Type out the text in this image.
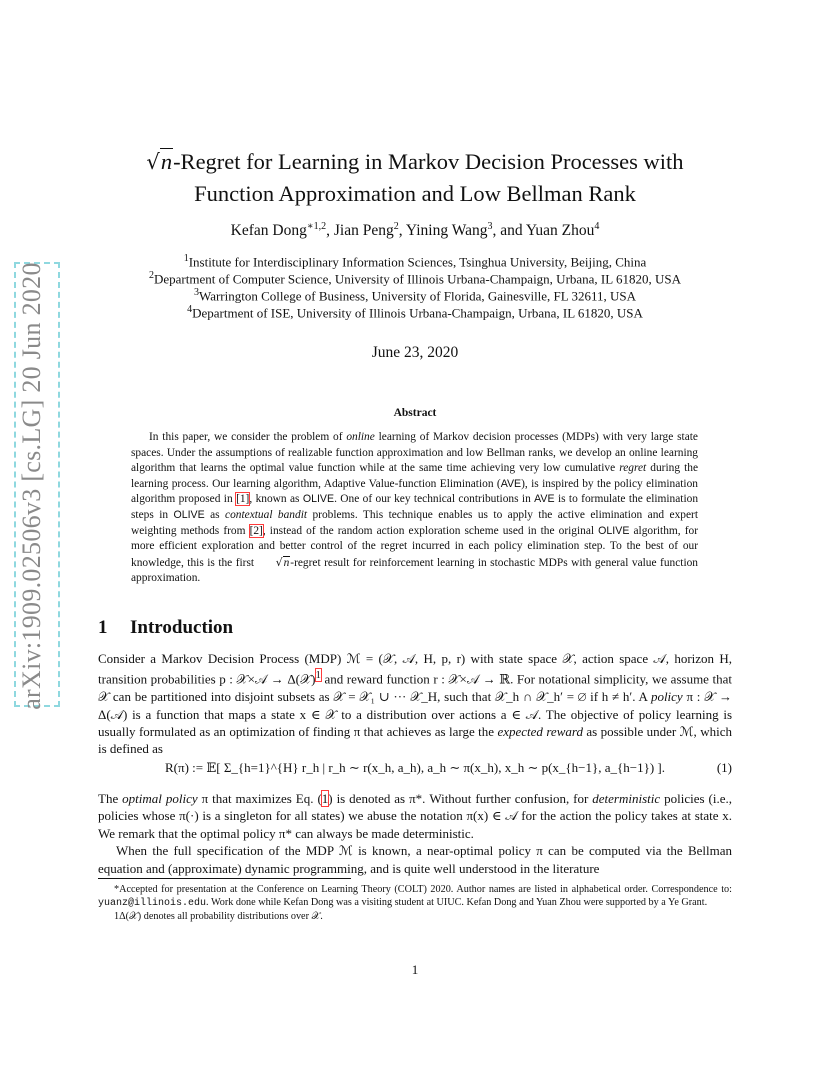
arXiv:1909.02506v3 [cs.LG] 20 Jun 2020
√n-Regret for Learning in Markov Decision Processes with
Function Approximation and Low Bellman Rank
Kefan Dong$^{∗1,2}$, Jian Peng$^2$, Yining Wang$^3$, and Yuan Zhou$^4$
$^1$Institute for Interdisciplinary Information Sciences, Tsinghua University, Beijing, China
$^2$Department of Computer Science, University of Illinois Urbana-Champaign, Urbana, IL 61820, USA
$^3$Warrington College of Business, University of Florida, Gainesville, FL 32611, USA
$^4$Department of ISE, University of Illinois Urbana-Champaign, Urbana, IL 61820, USA
June 23, 2020
Abstract

In this paper, we consider the problem of online learning of Markov decision processes (MDPs) with very large state spaces. Under the assumptions of realizable function approximation and low Bellman ranks, we develop an online learning algorithm that learns the optimal value function while at the same time achieving very low cumulative regret during the learning process. Our learning algorithm, Adaptive Value-function Elimination (AVE), is inspired by the policy elimination algorithm proposed in [1], known as OLIVE. One of our key technical contributions in AVE is to formulate the elimination steps in OLIVE as contextual bandit problems. This technique enables us to apply the active elimination and expert weighting methods from [2], instead of the random action exploration scheme used in the original OLIVE algorithm, for more efficient exploration and better control of the regret incurred in each policy elimination step. To the best of our knowledge, this is the first √n-regret result for reinforcement learning in stochastic MDPs with general value function approximation.

1 Introduction

Consider a Markov Decision Process (MDP) ℳ = (𝒳, 𝒜, H, p, r) with state space 𝒳, action space 𝒜, horizon H, transition probabilities p : 𝒳×𝒜 → Δ(𝒳)$^1$ and reward function r : 𝒳×𝒜 → ℝ. For notational simplicity, we assume that 𝒳 can be partitioned into disjoint subsets as 𝒳 = 𝒳₁ ∪ ··· 𝒳_H, such that 𝒳_h ∩ 𝒳_h′ = ∅ if h ≠ h′. A policy π : 𝒳 → Δ(𝒜) is a function that maps a state x ∈ 𝒳 to a distribution over actions a ∈ 𝒜. The objective of policy learning is usually formulated as an optimization of finding π that achieves as large the expected reward as possible under ℳ, which is defined as

R(π) := 𝔼[ Σ_{h=1}^{H} r_h | r_h ∼ r(x_h, a_h), a_h ∼ π(x_h), x_h ∼ p(x_{h−1}, a_{h−1}) ].	(1)

The optimal policy π that maximizes Eq. (1) is denoted as π*. Without further confusion, for deterministic policies (i.e., policies whose π(·) is a singleton for all states) we abuse the notation π(x) ∈ 𝒜 for the action the policy takes at state x. We remark that the optimal policy π* can always be made deterministic.

When the full specification of the MDP ℳ is known, a near-optimal policy π can be computed via the Bellman equation and (approximate) dynamic programming, and is quite well understood in the literature

*Accepted for presentation at the Conference on Learning Theory (COLT) 2020. Author names are listed in alphabetical order. Correspondence to: yuanz@illinois.edu. Work done while Kefan Dong was a visiting student at UIUC. Kefan Dong and Yuan Zhou were supported by a Ye Grant.

1Δ(𝒳) denotes all probability distributions over 𝒳.

1
